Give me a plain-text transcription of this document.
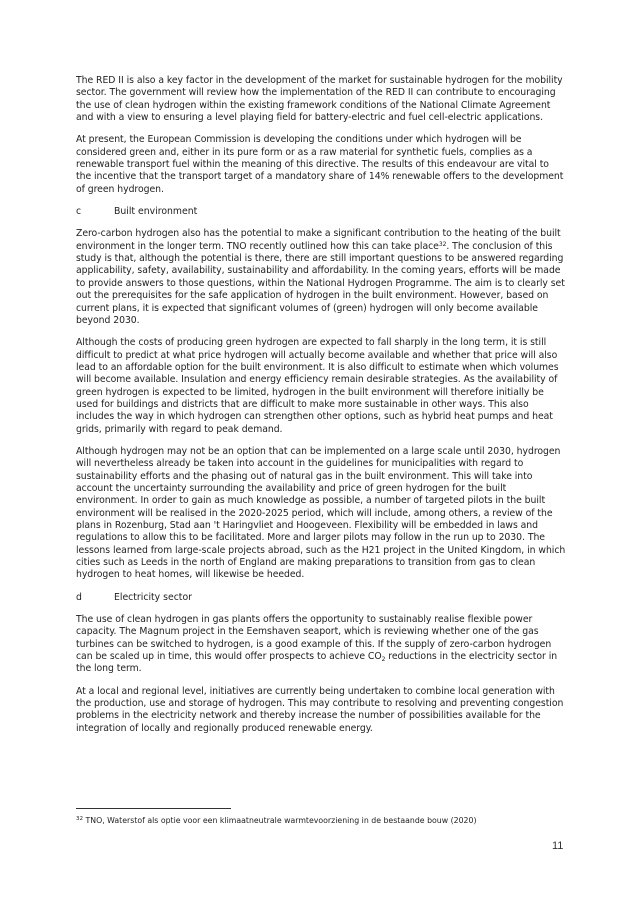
The RED II is also a key factor in the development of the market for sustainable hydrogen for the mobility sector. The government will review how the implementation of the RED II can contribute to encouraging the use of clean hydrogen within the existing framework conditions of the National Climate Agreement and with a view to ensuring a level playing field for battery-electric and fuel cell-electric applications.

At present, the European Commission is developing the conditions under which hydrogen will be considered green and, either in its pure form or as a raw material for synthetic fuels, complies as a renewable transport fuel within the meaning of this directive. The results of this endeavour are vital to the incentive that the transport target of a mandatory share of 14% renewable offers to the development of green hydrogen.

c	Built environment

Zero-carbon hydrogen also has the potential to make a significant contribution to the heating of the built environment in the longer term. TNO recently outlined how this can take place$^{32}$. The conclusion of this study is that, although the potential is there, there are still important questions to be answered regarding applicability, safety, availability, sustainability and affordability. In the coming years, efforts will be made to provide answers to those questions, within the National Hydrogen Programme. The aim is to clearly set out the prerequisites for the safe application of hydrogen in the built environment. However, based on current plans, it is expected that significant volumes of (green) hydrogen will only become available beyond 2030.

Although the costs of producing green hydrogen are expected to fall sharply in the long term, it is still difficult to predict at what price hydrogen will actually become available and whether that price will also lead to an affordable option for the built environment. It is also difficult to estimate when which volumes will become available. Insulation and energy efficiency remain desirable strategies. As the availability of green hydrogen is expected to be limited, hydrogen in the built environment will therefore initially be used for buildings and districts that are difficult to make more sustainable in other ways. This also includes the way in which hydrogen can strengthen other options, such as hybrid heat pumps and heat grids, primarily with regard to peak demand.

Although hydrogen may not be an option that can be implemented on a large scale until 2030, hydrogen will nevertheless already be taken into account in the guidelines for municipalities with regard to sustainability efforts and the phasing out of natural gas in the built environment. This will take into account the uncertainty surrounding the availability and price of green hydrogen for the built environment. In order to gain as much knowledge as possible, a number of targeted pilots in the built environment will be realised in the 2020-2025 period, which will include, among others, a review of the plans in Rozenburg, Stad aan 't Haringvliet and Hoogeveen. Flexibility will be embedded in laws and regulations to allow this to be facilitated. More and larger pilots may follow in the run up to 2030. The lessons learned from large-scale projects abroad, such as the H21 project in the United Kingdom, in which cities such as Leeds in the north of England are making preparations to transition from gas to clean hydrogen to heat homes, will likewise be heeded.

d	Electricity sector

The use of clean hydrogen in gas plants offers the opportunity to sustainably realise flexible power capacity. The Magnum project in the Eemshaven seaport, which is reviewing whether one of the gas turbines can be switched to hydrogen, is a good example of this. If the supply of zero-carbon hydrogen can be scaled up in time, this would offer prospects to achieve $CO_2$ reductions in the electricity sector in the long term.

At a local and regional level, initiatives are currently being undertaken to combine local generation with the production, use and storage of hydrogen. This may contribute to resolving and preventing congestion problems in the electricity network and thereby increase the number of possibilities available for the integration of locally and regionally produced renewable energy.

$^{32}$ TNO, Waterstof als optie voor een klimaatneutrale warmtevoorziening in de bestaande bouw (2020)
11
